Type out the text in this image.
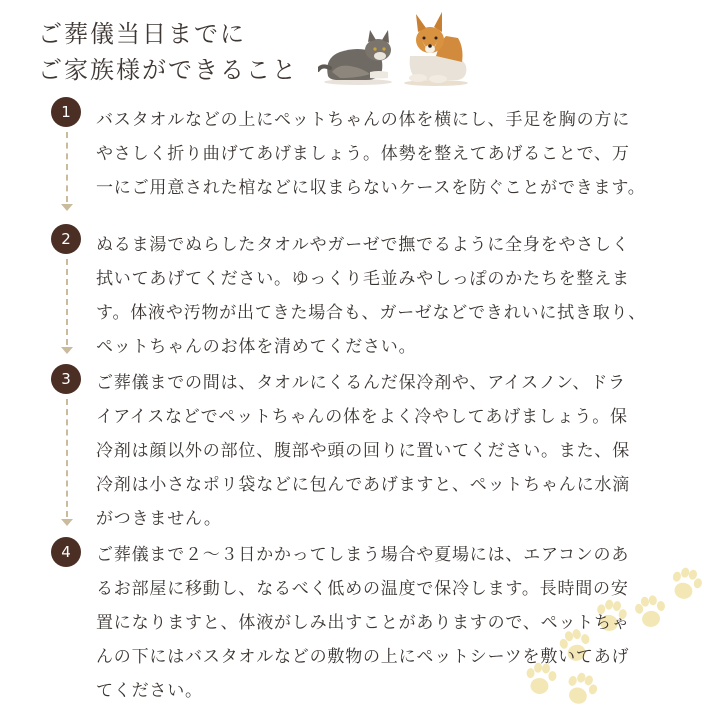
ご葬儀当日までに
ご家族様ができること
1
2
3
4

バスタオルなどの上にペットちゃんの体を横にし、手足を胸の方に
やさしく折り曲げてあげましょう。体勢を整えてあげることで、万
一にご用意された棺などに収まらないケースを防ぐことができます。

ぬるま湯でぬらしたタオルやガーゼで撫でるように全身をやさしく
拭いてあげてください。ゆっくり毛並みやしっぽのかたちを整えま
す。体液や汚物が出てきた場合も、ガーゼなどできれいに拭き取り、
ペットちゃんのお体を清めてください。

ご葬儀までの間は、タオルにくるんだ保冷剤や、アイスノン、ドラ
イアイスなどでペットちゃんの体をよく冷やしてあげましょう。保
冷剤は顔以外の部位、腹部や頭の回りに置いてください。また、保
冷剤は小さなポリ袋などに包んであげますと、ペットちゃんに水滴
がつきません。

ご葬儀まで２〜３日かかってしまう場合や夏場には、エアコンのあ
るお部屋に移動し、なるべく低めの温度で保冷します。長時間の安
置になりますと、体液がしみ出すことがありますので、ペットちゃ
んの下にはバスタオルなどの敷物の上にペットシーツを敷いてあげ
てください。
